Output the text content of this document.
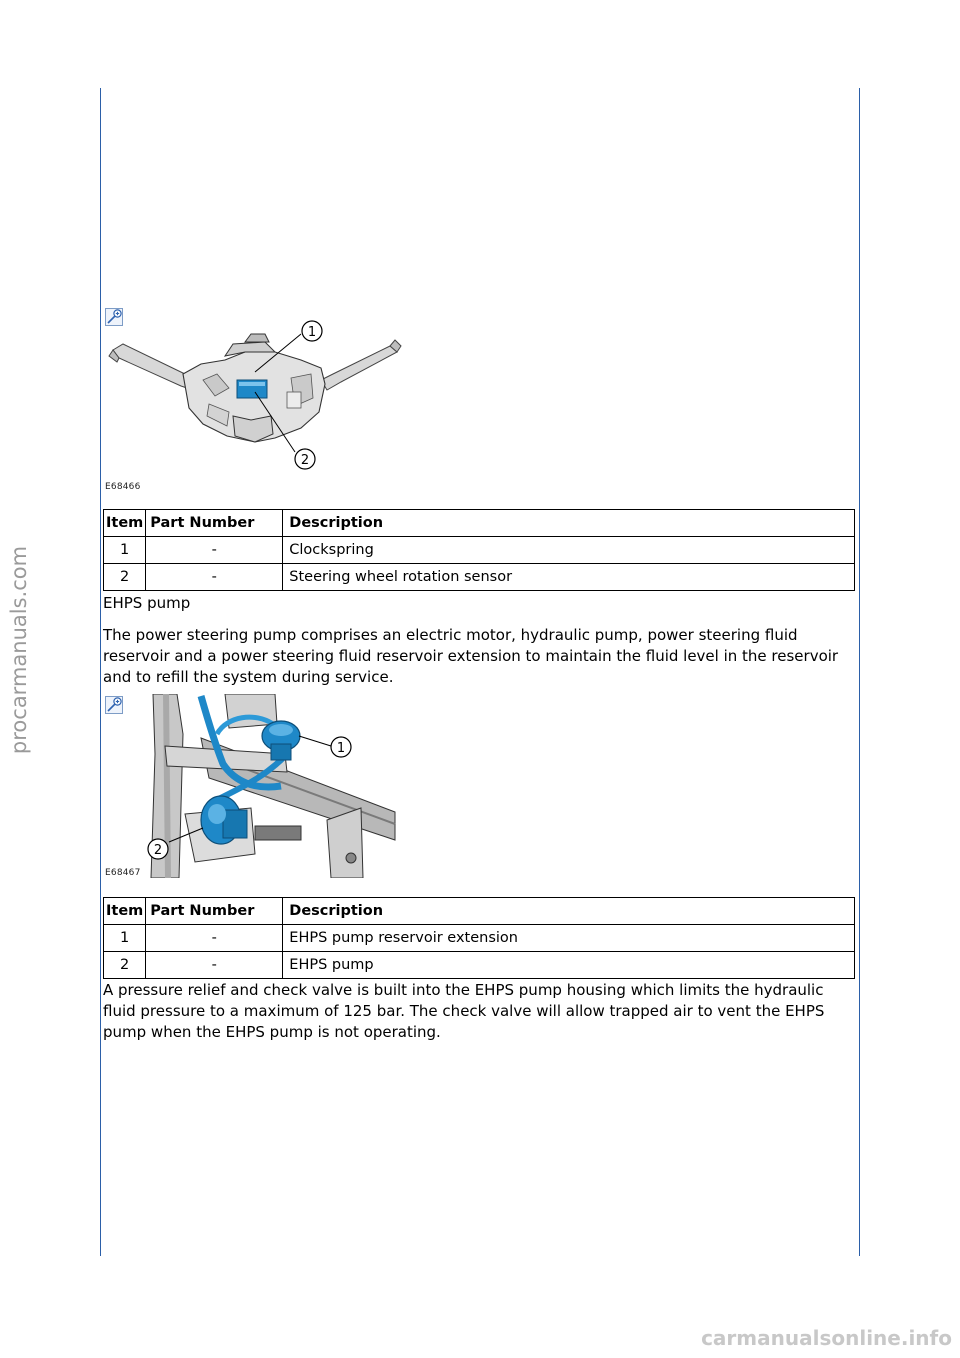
procarmanuals.com
1
2
E68466
Item	Part Number	Description
1	-	Clockspring
2	-	Steering wheel rotation sensor

EHPS pump

The power steering pump comprises an electric motor, hydraulic pump, power steering fluid reservoir and a power steering fluid reservoir extension to maintain the fluid level in the reservoir and to refill the system during service.

1
2
E68467
Item	Part Number	Description
1	-	EHPS pump reservoir extension
2	-	EHPS pump

A pressure relief and check valve is built into the EHPS pump housing which limits the hydraulic fluid pressure to a maximum of 125 bar. The check valve will allow trapped air to vent the EHPS pump when the EHPS pump is not operating.

carmanualsonline.info
